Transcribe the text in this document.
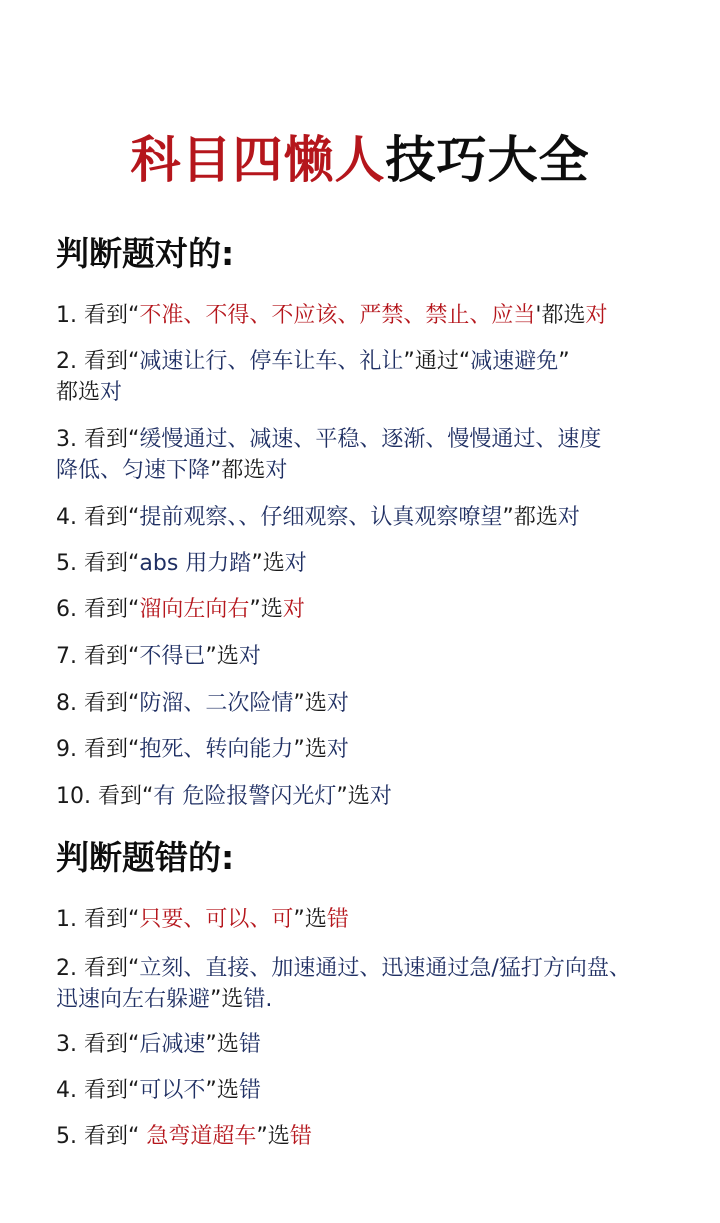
科目四懒人技巧大全
判断题对的:
1. 看到“不准、不得、不应该、严禁、禁止、应当'都选对
2. 看到“减速让行、停车让车、礼让”通过“减速避免”
都选对
3. 看到“缓慢通过、减速、平稳、逐渐、慢慢通过、速度
降低、匀速下降”都选对
4. 看到“提前观察、、仔细观察、认真观察嘹望”都选对
5. 看到“abs 用力踏”选对
6. 看到“溜向左向右”选对
7. 看到“不得已”选对
8. 看到“防溜、二次险情”选对
9. 看到“抱死、转向能力”选对
10. 看到“有 危险报警闪光灯”选对
判断题错的:
1. 看到“只要、可以、可”选错
2. 看到“立刻、直接、加速通过、迅速通过急/猛打方向盘、
迅速向左右躲避”选错.
3. 看到“后减速”选错
4. 看到“可以不”选错
5. 看到“ 急弯道超车”选错
